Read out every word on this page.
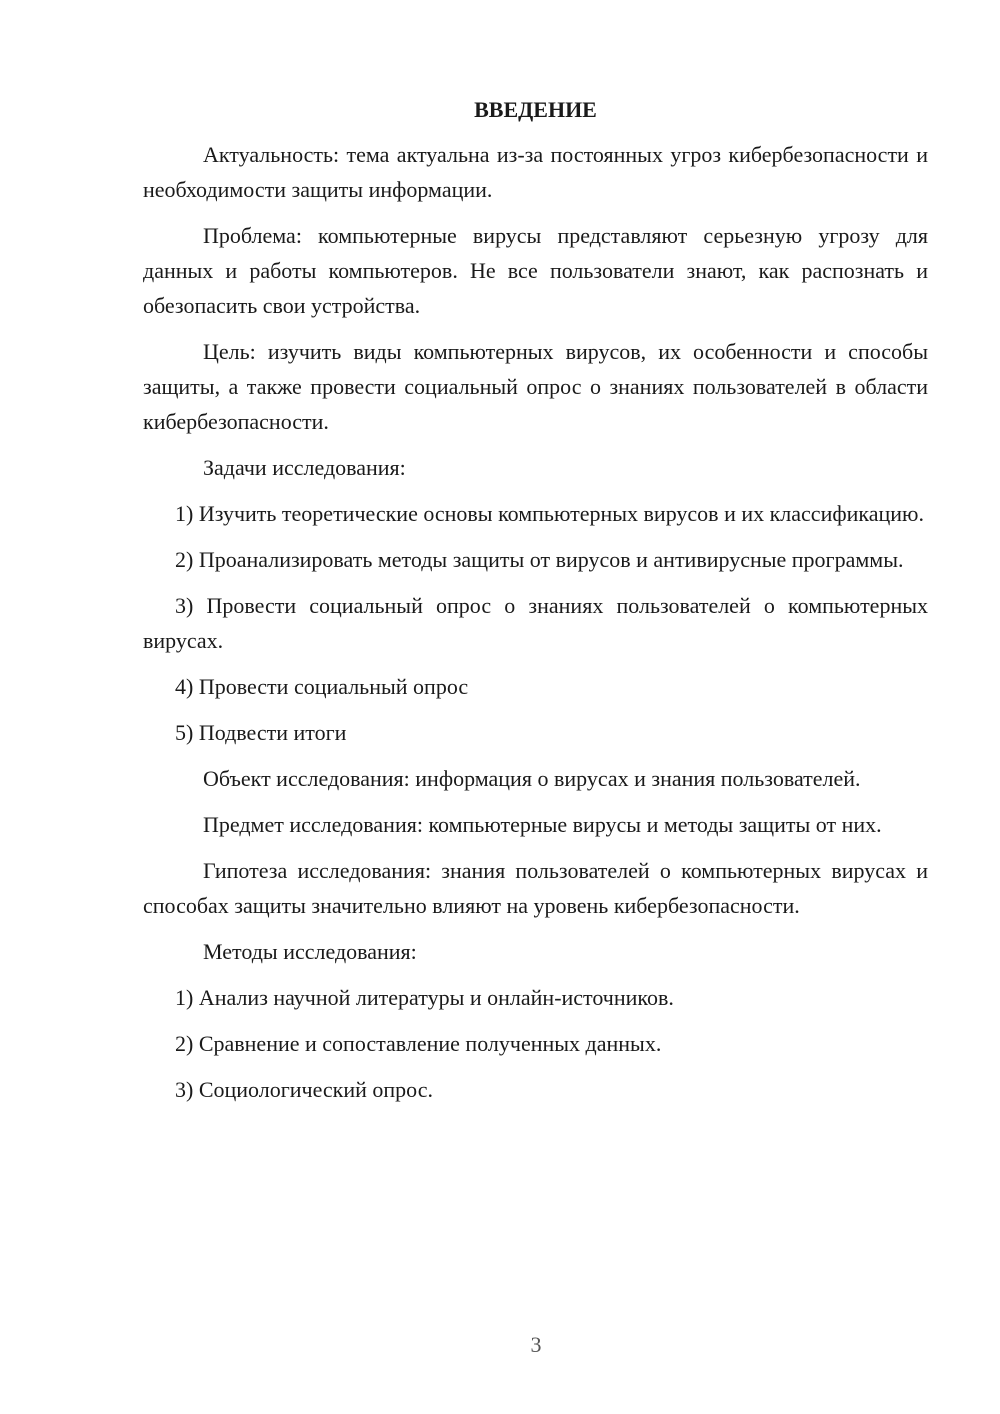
ВВЕДЕНИЕ

Актуальность: тема актуальна из-за постоянных угроз кибербезопасности и необходимости защиты информации.

Проблема: компьютерные вирусы представляют серьезную угрозу для данных и работы компьютеров. Не все пользователи знают, как распознать и обезопасить свои устройства.

Цель: изучить виды компьютерных вирусов, их особенности и способы защиты, а также провести социальный опрос о знаниях пользователей в области кибербезопасности.

Задачи исследования:

1) Изучить теоретические основы компьютерных вирусов и их классификацию.

2) Проанализировать методы защиты от вирусов и антивирусные программы.

3) Провести социальный опрос о знаниях пользователей о компьютерных вирусах.

4) Провести социальный опрос

5) Подвести итоги

Объект исследования: информация о вирусах и знания пользователей.

Предмет исследования: компьютерные вирусы и методы защиты от них.

Гипотеза исследования: знания пользователей о компьютерных вирусах и способах защиты значительно влияют на уровень кибербезопасности.

Методы исследования:

1) Анализ научной литературы и онлайн-источников.

2) Сравнение и сопоставление полученных данных.

3) Социологический опрос.

3
